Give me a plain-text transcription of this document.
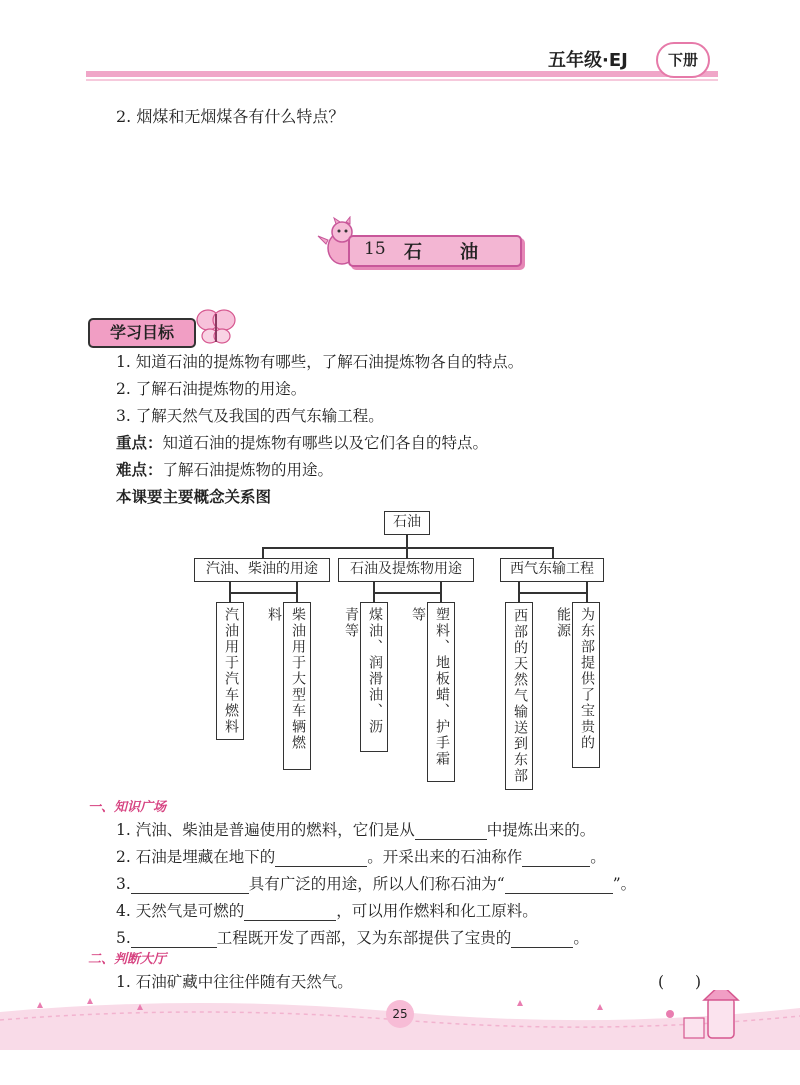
五年级·EJ	下册
2. 烟煤和无烟煤各有什么特点？
15 石油
学习目标
1. 知道石油的提炼物有哪些，了解石油提炼物各自的特点。
2. 了解石油提炼物的用途。
3. 了解天然气及我国的西气东输工程。
重点：知道石油的提炼物有哪些以及它们各自的特点。
难点：了解石油提炼物的用途。
本课要主要概念关系图
石油
汽油、柴油的用途	石油及提炼物用途	西气东输工程
汽油用于汽车燃料	柴油用于大型车辆燃料	煤油、润滑油、沥青等	塑料、地板蜡、护手霜等	西部的天然气输送到东部	为东部提供了宝贵的能源
一、知识广场
1. 汽油、柴油是普遍使用的燃料，它们是从	中提炼出来的。
2. 石油是埋藏在地下的	。开采出来的石油称作	。
3.	具有广泛的用途，所以人们称石油为“	”。
4. 天然气是可燃的	，可以用作燃料和化工原料。
5.	工程既开发了西部，又为东部提供了宝贵的	。
二、判断大厅
1. 石油矿藏中往往伴随有天然气。	(　　)
25
